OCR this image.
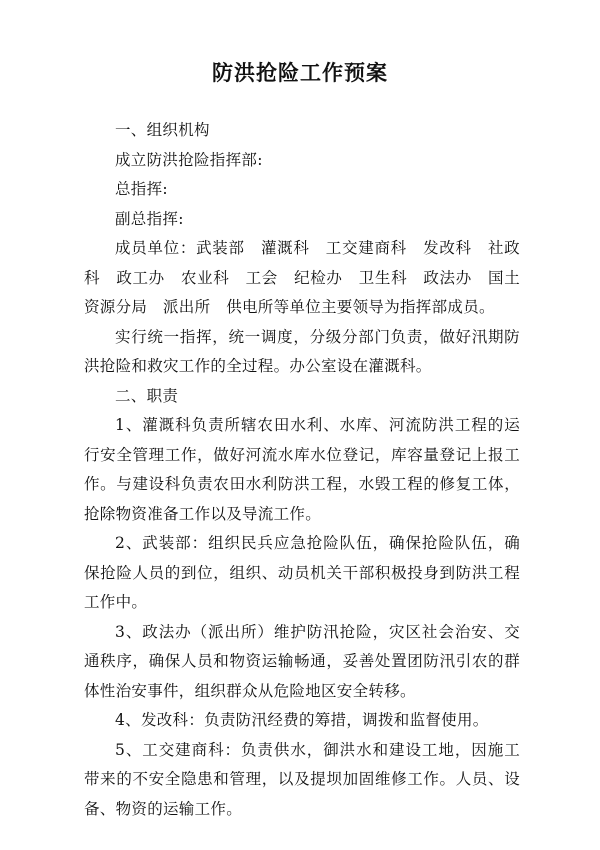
防洪抢险工作预案

一、组织机构

成立防洪抢险指挥部:

总指挥:

副总指挥:

成员单位：武装部　灌溉科　工交建商科　发改科　社政科　政工办　农业科　工会　纪检办　卫生科　政法办　国土资源分局　派出所　供电所等单位主要领导为指挥部成员。

实行统一指挥，统一调度，分级分部门负责，做好汛期防洪抢险和救灾工作的全过程。办公室设在灌溉科。

二、职责

1、灌溉科负责所辖农田水利、水库、河流防洪工程的运行安全管理工作，做好河流水库水位登记，库容量登记上报工作。与建设科负责农田水利防洪工程，水毁工程的修复工体，抢除物资准备工作以及导流工作。

2、武装部：组织民兵应急抢险队伍，确保抢险队伍，确保抢险人员的到位，组织、动员机关干部积极投身到防洪工程工作中。

3、政法办（派出所）维护防汛抢险，灾区社会治安、交通秩序，确保人员和物资运输畅通，妥善处置团防汛引农的群体性治安事件，组织群众从危险地区安全转移。

4、发改科：负责防汛经费的筹措，调拨和监督使用。

5、工交建商科：负责供水，御洪水和建设工地，因施工带来的不安全隐患和管理，以及提坝加固维修工作。人员、设备、物资的运输工作。
